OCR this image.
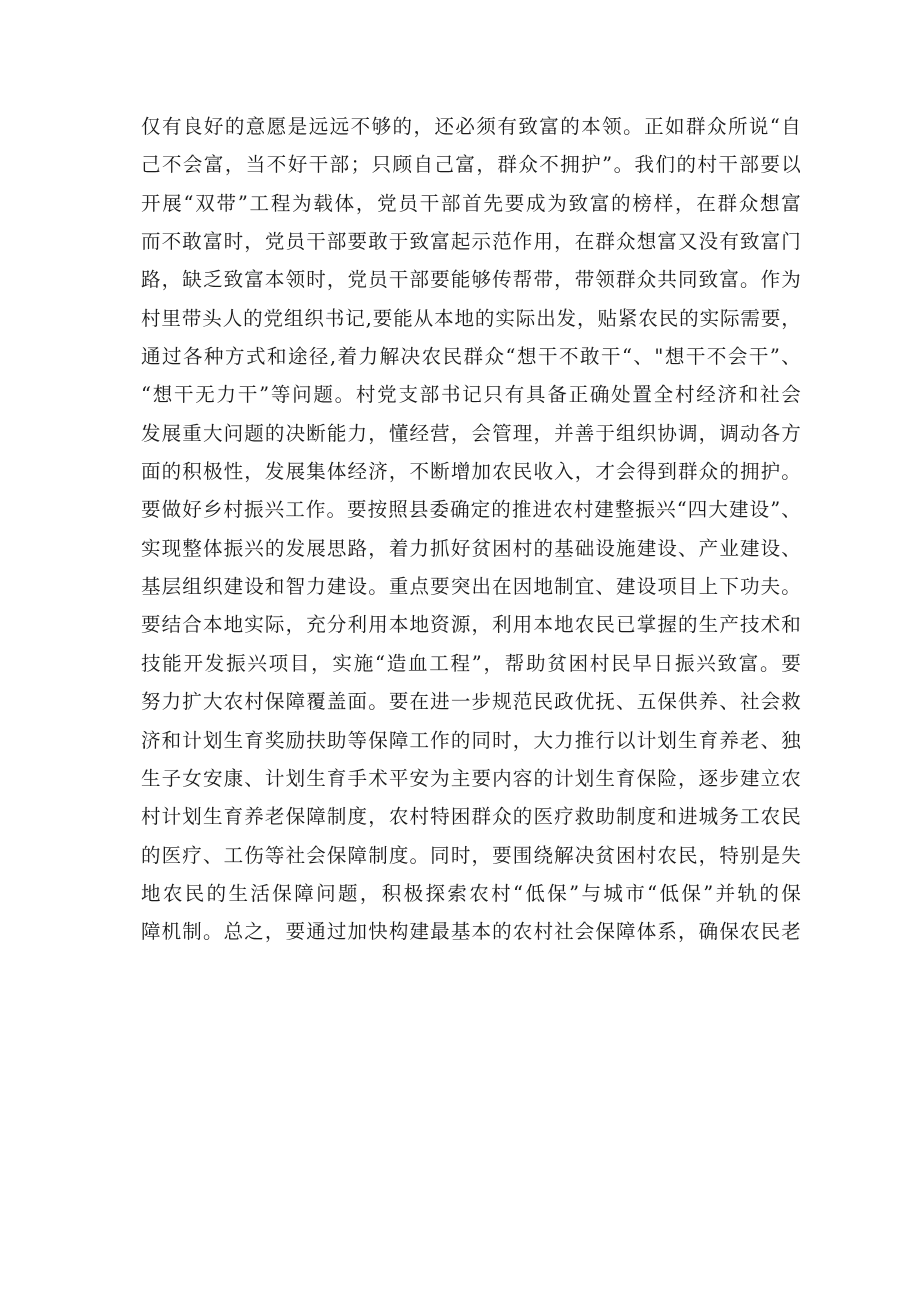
仅有良好的意愿是远远不够的，还必须有致富的本领。正如群众所说“自
己不会富，当不好干部；只顾自己富，群众不拥护”。我们的村干部要以
开展“双带”工程为载体，党员干部首先要成为致富的榜样，在群众想富
而不敢富时，党员干部要敢于致富起示范作用，在群众想富又没有致富门
路，缺乏致富本领时，党员干部要能够传帮带，带领群众共同致富。作为
村里带头人的党组织书记,要能从本地的实际出发，贴紧农民的实际需要，
通过各种方式和途径,着力解决农民群众“想干不敢干“、"想干不会干”、
“想干无力干”等问题。村党支部书记只有具备正确处置全村经济和社会
发展重大问题的决断能力，懂经营，会管理，并善于组织协调，调动各方
面的积极性，发展集体经济，不断增加农民收入，才会得到群众的拥护。
要做好乡村振兴工作。要按照县委确定的推进农村建整振兴“四大建设”、
实现整体振兴的发展思路，着力抓好贫困村的基础设施建设、产业建设、
基层组织建设和智力建设。重点要突出在因地制宜、建设项目上下功夫。
要结合本地实际，充分利用本地资源，利用本地农民已掌握的生产技术和
技能开发振兴项目，实施“造血工程”，帮助贫困村民早日振兴致富。要
努力扩大农村保障覆盖面。要在进一步规范民政优抚、五保供养、社会救
济和计划生育奖励扶助等保障工作的同时，大力推行以计划生育养老、独
生子女安康、计划生育手术平安为主要内容的计划生育保险，逐步建立农
村计划生育养老保障制度，农村特困群众的医疗救助制度和进城务工农民
的医疗、工伤等社会保障制度。同时，要围绕解决贫困村农民，特别是失
地农民的生活保障问题，积极探索农村“低保”与城市“低保”并轨的保
障机制。总之，要通过加快构建最基本的农村社会保障体系，确保农民老
